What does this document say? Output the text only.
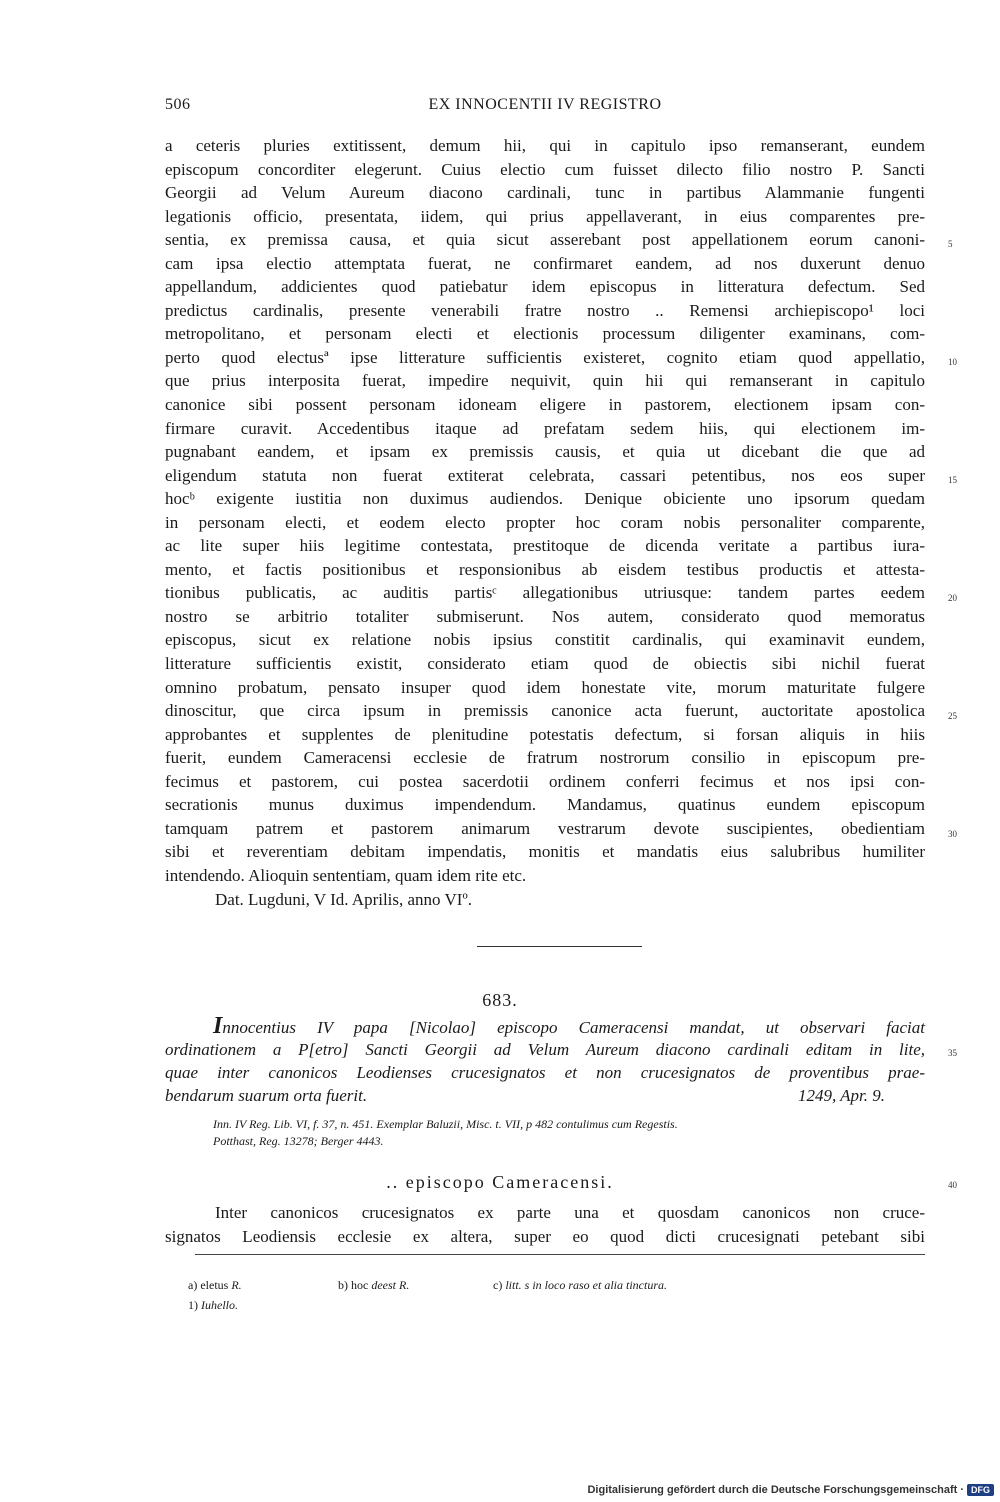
506	EX INNOCENTII IV REGISTRO
a ceteris pluries extitissent, demum hii, qui in capitulo ipso remanserant, eundem
episcopum concorditer elegerunt. Cuius electio cum fuisset dilecto filio nostro P. Sancti
Georgii ad Velum Aureum diacono cardinali, tunc in partibus Alammanie fungenti
legationis officio, presentata, iidem, qui prius appellaverant, in eius comparentes pre-
sentia, ex premissa causa, et quia sicut asserebant post appellationem eorum canoni-
cam ipsa electio attemptata fuerat, ne confirmaret eandem, ad nos duxerunt denuo
appellandum, addicientes quod patiebatur idem episcopus in litteratura defectum. Sed
predictus cardinalis, presente venerabili fratre nostro .. Remensi archiepiscopo¹ loci
metropolitano, et personam electi et electionis processum diligenter examinans, com-
perto quod electusª ipse litterature sufficientis existeret, cognito etiam quod appellatio,
que prius interposita fuerat, impedire nequivit, quin hii qui remanserant in capitulo
canonice sibi possent personam idoneam eligere in pastorem, electionem ipsam con-
firmare curavit. Accedentibus itaque ad prefatam sedem hiis, qui electionem im-
pugnabant eandem, et ipsam ex premissis causis, et quia ut dicebant die que ad
eligendum statuta non fuerat extiterat celebrata, cassari petentibus, nos eos super
hocᵇ exigente iustitia non duximus audiendos. Denique obiciente uno ipsorum quedam
in personam electi, et eodem electo propter hoc coram nobis personaliter comparente,
ac lite super hiis legitime contestata, prestitoque de dicenda veritate a partibus iura-
mento, et factis positionibus et responsionibus ab eisdem testibus productis et attesta-
tionibus publicatis, ac auditis partisᶜ allegationibus utriusque: tandem partes eedem
nostro se arbitrio totaliter submiserunt. Nos autem, considerato quod memoratus
episcopus, sicut ex relatione nobis ipsius constitit cardinalis, qui examinavit eundem,
litterature sufficientis existit, considerato etiam quod de obiectis sibi nichil fuerat
omnino probatum, pensato insuper quod idem honestate vite, morum maturitate fulgere
dinoscitur, que circa ipsum in premissis canonice acta fuerunt, auctoritate apostolica
approbantes et supplentes de plenitudine potestatis defectum, si forsan aliquis in hiis
fuerit, eundem Cameracensi ecclesie de fratrum nostrorum consilio in episcopum pre-
fecimus et pastorem, cui postea sacerdotii ordinem conferri fecimus et nos ipsi con-
secrationis munus duximus impendendum. Mandamus, quatinus eundem episcopum
tamquam patrem et pastorem animarum vestrarum devote suscipientes, obedientiam
sibi et reverentiam debitam impendatis, monitis et mandatis eius salubribus humiliter
intendendo. Alioquin sententiam, quam idem rite etc.
Dat. Lugduni, V Id. Aprilis, anno VIº.
5
10
15
20
25
30
35
40
683.
Innocentius IV papa [Nicolao] episcopo Cameracensi mandat, ut observari faciat
ordinationem a P[etro] Sancti Georgii ad Velum Aureum diacono cardinali editam in lite,
quae inter canonicos Leodienses crucesignatos et non crucesignatos de proventibus prae-
bendarum suarum orta fuerit.	1249, Apr. 9.
Inn. IV Reg. Lib. VI, f. 37, n. 451. Exemplar Baluzii, Misc. t. VII, p 482 contulimus cum Regestis.
Potthast, Reg. 13278; Berger 4443.
.. episcopo Cameracensi.
Inter canonicos crucesignatos ex parte una et quosdam canonicos non cruce-
signatos Leodiensis ecclesie ex altera, super eo quod dicti crucesignati petebant sibi
a) eletus R.	b) hoc deest R.	c) litt. s in loco raso et alia tinctura.
1) Iuhello.
Digitalisierung gefördert durch die Deutsche Forschungsgemeinschaft · DFG
